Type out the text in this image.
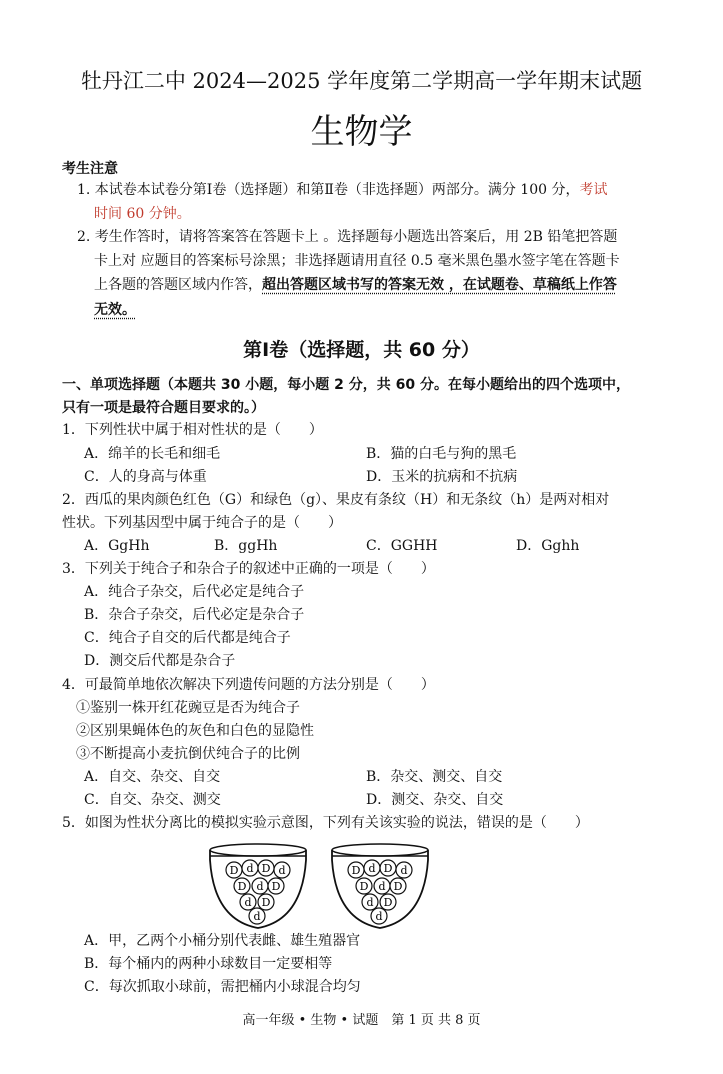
牡丹江二中 2024—2025 学年度第二学期高一学年期末试题
生物学
考生注意
1. 本试卷本试卷分第Ⅰ卷（选择题）和第Ⅱ卷（非选择题）两部分。满分 100 分，考试
时间 60 分钟。
2. 考生作答时，请将答案答在答题卡上 。选择题每小题选出答案后，用 2B 铅笔把答题
卡上对 应题目的答案标号涂黑；非选择题请用直径 0.5 毫米黑色墨水签字笔在答题卡
上各题的答题区域内作答，超出答题区域书写的答案无效 ，在试题卷、草稿纸上作答
无效。
第Ⅰ卷（选择题，共 60 分）
一、单项选择题（本题共 30 小题，每小题 2 分，共 60 分。在每小题给出的四个选项中，
只有一项是最符合题目要求的。）
1．下列性状中属于相对性状的是（　　）
A．绵羊的长毛和细毛	B．猫的白毛与狗的黑毛
C．人的身高与体重	D．玉米的抗病和不抗病
2．西瓜的果肉颜色红色（G）和绿色（g）、果皮有条纹（H）和无条纹（h）是两对相对
性状。下列基因型中属于纯合子的是（　　）
A．GgHh	B．ggHh	C．GGHH	D．Gghh
3．下列关于纯合子和杂合子的叙述中正确的一项是（　　）
A．纯合子杂交，后代必定是纯合子
B．杂合子杂交，后代必定是杂合子
C．纯合子自交的后代都是纯合子
D．测交后代都是杂合子
4．可最简单地依次解决下列遗传问题的方法分别是（　　）
①鉴别一株开红花豌豆是否为纯合子
②区别果蝇体色的灰色和白色的显隐性
③不断提高小麦抗倒伏纯合子的比例
A．自交、杂交、自交	B．杂交、测交、自交
C．自交、杂交、测交	D．测交、杂交、自交
5．如图为性状分离比的模拟实验示意图，下列有关该实验的说法，错误的是（　　）
D d D d
D d D
d D
d
D d D d
D d D
d D
d
A．甲，乙两个小桶分别代表雌、雄生殖器官
B．每个桶内的两种小球数目一定要相等
C．每次抓取小球前，需把桶内小球混合均匀
高一年级 • 生物 • 试题　第 1 页 共 8 页
